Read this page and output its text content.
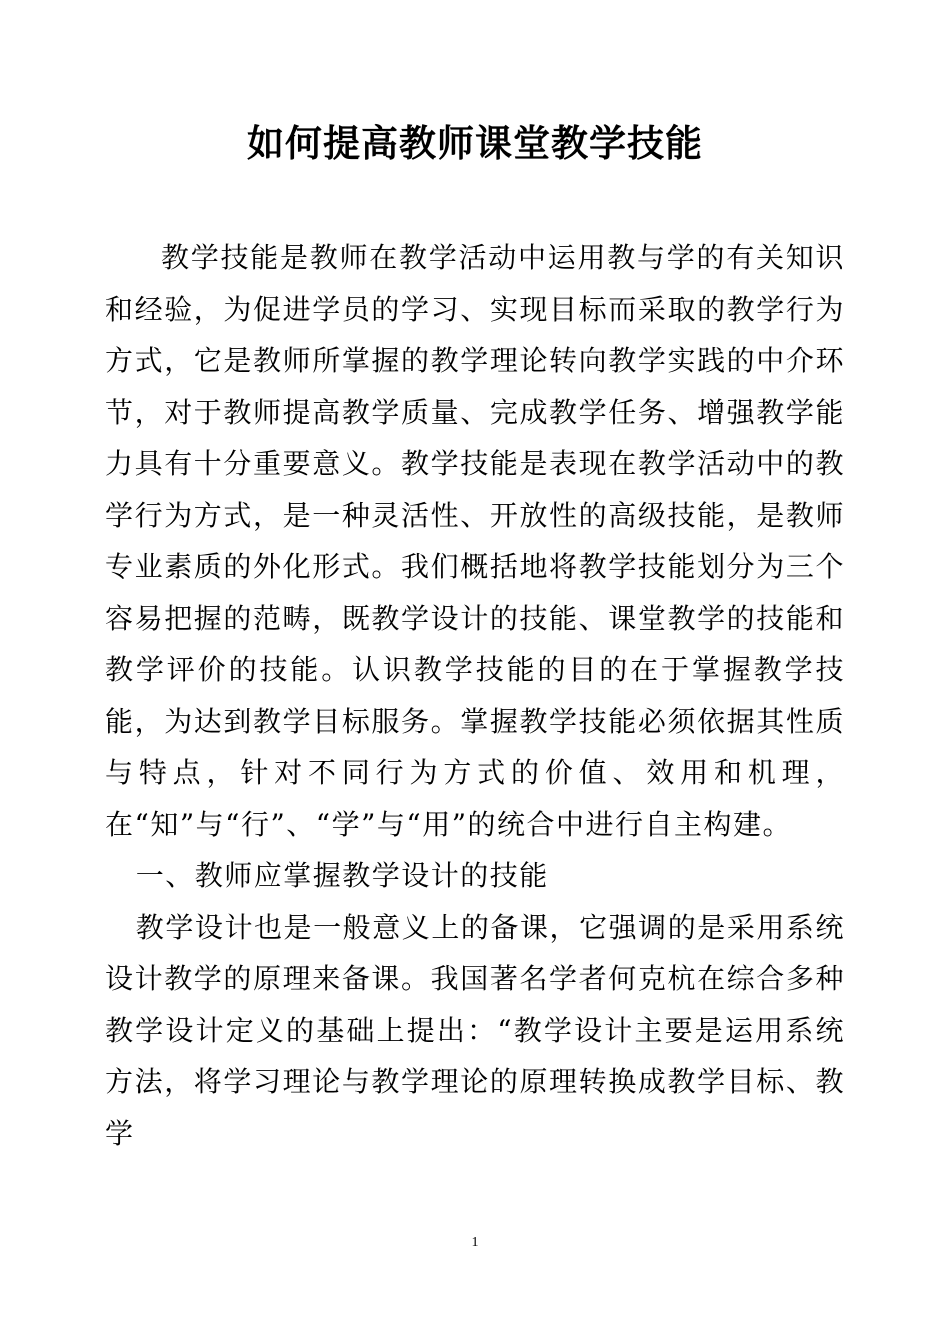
如何提高教师课堂教学技能

教学技能是教师在教学活动中运用教与学的有关知识和经验，为促进学员的学习、实现目标而采取的教学行为方式，它是教师所掌握的教学理论转向教学实践的中介环节，对于教师提高教学质量、完成教学任务、增强教学能力具有十分重要意义。教学技能是表现在教学活动中的教学行为方式，是一种灵活性、开放性的高级技能，是教师专业素质的外化形式。我们概括地将教学技能划分为三个容易把握的范畴，既教学设计的技能、课堂教学的技能和教学评价的技能。认识教学技能的目的在于掌握教学技能，为达到教学目标服务。掌握教学技能必须依据其性质与特点，针对不同行为方式的价值、效用和机理，在“知”与“行”、“学”与“用”的统合中进行自主构建。

一、教师应掌握教学设计的技能

教学设计也是一般意义上的备课，它强调的是采用系统设计教学的原理来备课。我国著名学者何克杭在综合多种教学设计定义的基础上提出：“教学设计主要是运用系统方法，将学习理论与教学理论的原理转换成教学目标、教学

1
